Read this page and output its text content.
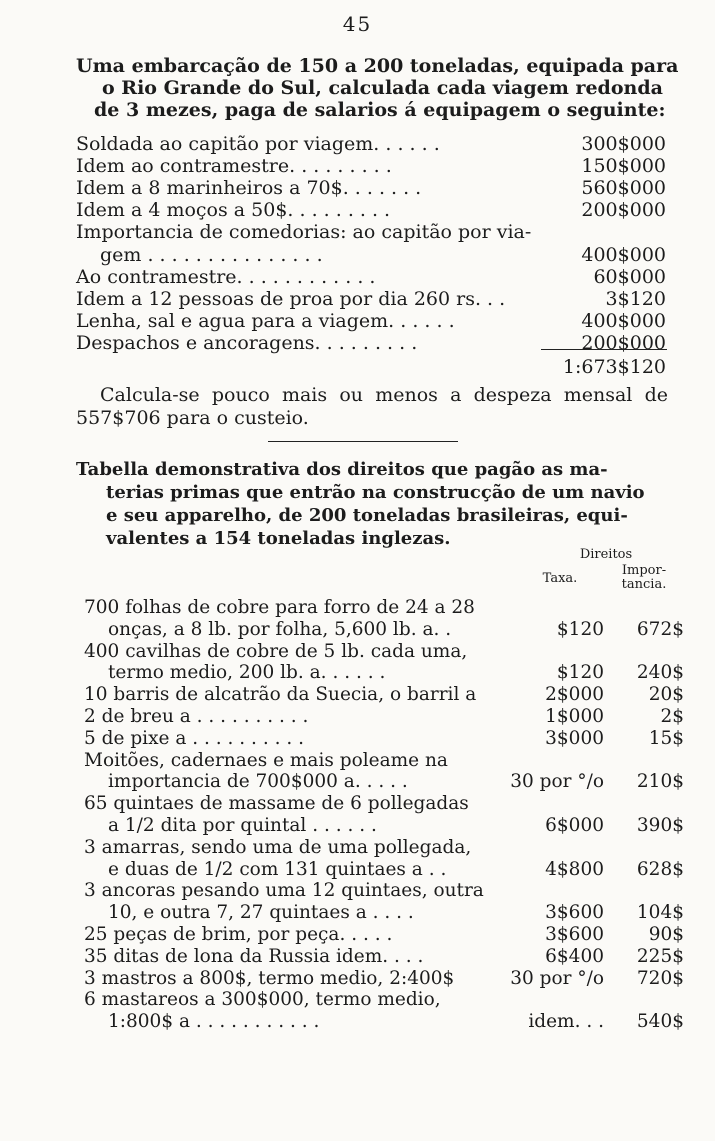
45
Uma embarcação de 150 a 200 toneladas, equipada para
o Rio Grande do Sul, calculada cada viagem redonda
de 3 mezes, paga de salarios á equipagem o seguinte:
Soldada ao capitão por viagem. . . . . .	300$000
Idem ao contramestre. . . . . . . . .	150$000
Idem a 8 marinheiros a 70$. . . . . . .	560$000
Idem a 4 moços a 50$. . . . . . . . .	200$000
Importancia de comedorias: ao capitão por via-
gem . . . . . . . . . . . . . . .	400$000
Ao contramestre. . . . . . . . . . . .	60$000
Idem a 12 pessoas de proa por dia 260 rs. . .	3$120
Lenha, sal e agua para a viagem. . . . . .	400$000
Despachos e ancoragens. . . . . . . . .	200$000
1:673$120
Calcula-se pouco mais ou menos a despeza mensal de
557$706 para o custeio.
Tabella demonstrativa dos direitos que pagão as ma-
terias primas que entrão na construcção de um navio
e seu apparelho, de 200 toneladas brasileiras, equi-
valentes a 154 toneladas inglezas.
Direitos
Taxa.
Impor-
tancia.
700 folhas de cobre para forro de 24 a 28
onças, a 8 lb. por folha, 5,600 lb. a. .	$120	672$
400 cavilhas de cobre de 5 lb. cada uma,
termo medio, 200 lb. a. . . . . .	$120	240$
10 barris de alcatrão da Suecia, o barril a	2$000	20$
2 de breu a . . . . . . . . . .	1$000	2$
5 de pixe a . . . . . . . . . .	3$000	15$
Moitões, cadernaes e mais poleame na
importancia de 700$000 a. . . . .	30 por °/o	210$
65 quintaes de massame de 6 pollegadas
a 1/2 dita por quintal . . . . . .	6$000	390$
3 amarras, sendo uma de uma pollegada,
e duas de 1/2 com 131 quintaes a . .	4$800	628$
3 ancoras pesando uma 12 quintaes, outra
10, e outra 7, 27 quintaes a . . . .	3$600	104$
25 peças de brim, por peça. . . . .	3$600	90$
35 ditas de lona da Russia idem. . . .	6$400	225$
3 mastros a 800$, termo medio, 2:400$	30 por °/o	720$
6 mastareos a 300$000, termo medio,
1:800$ a . . . . . . . . . . .	idem. . .	540$
